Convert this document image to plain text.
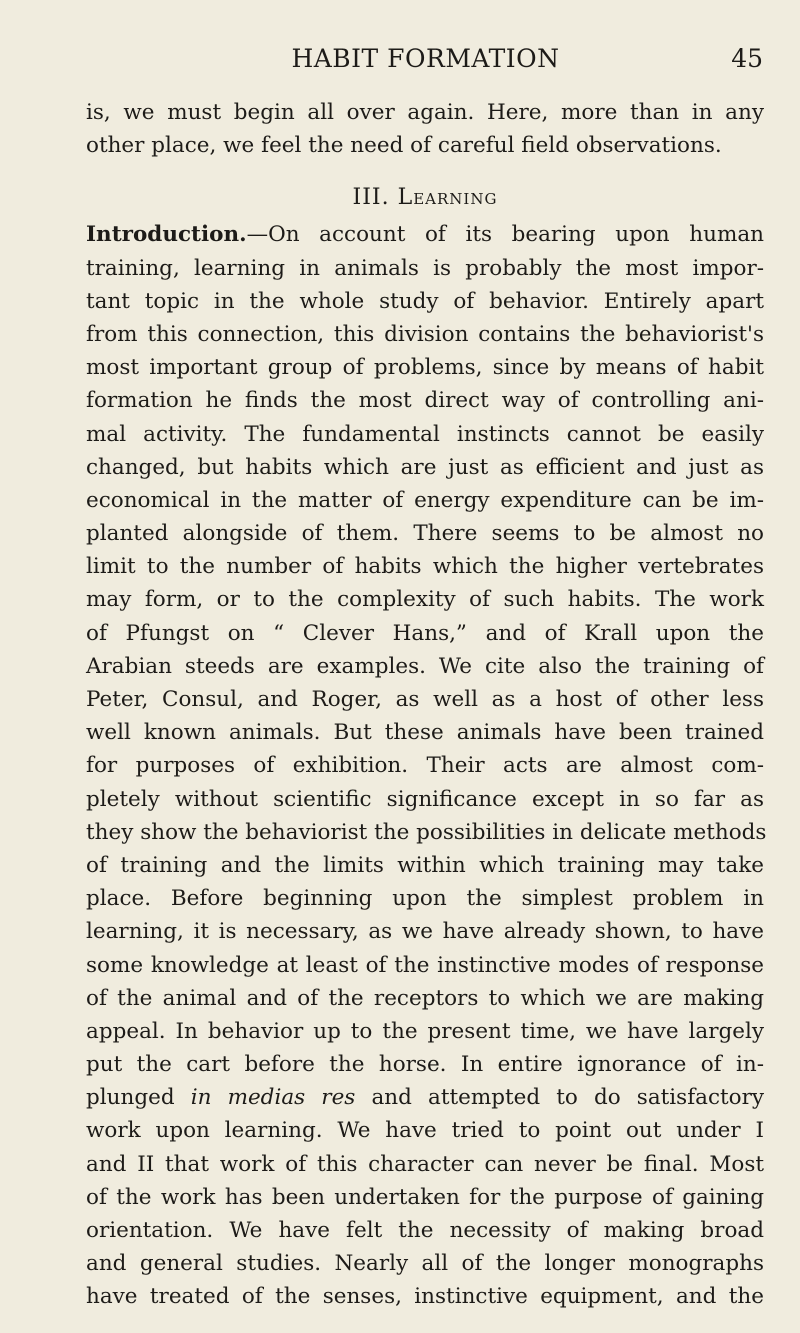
HABIT FORMATION	45
is, we must begin all over again. Here, more than in any
other place, we feel the need of careful field observations.
III. Learning
Introduction.—On account of its bearing upon human
training, learning in animals is probably the most impor-
tant topic in the whole study of behavior. Entirely apart
from this connection, this division contains the behaviorist's
most important group of problems, since by means of habit
formation he finds the most direct way of controlling ani-
mal activity. The fundamental instincts cannot be easily
changed, but habits which are just as efficient and just as
economical in the matter of energy expenditure can be im-
planted alongside of them. There seems to be almost no
limit to the number of habits which the higher vertebrates
may form, or to the complexity of such habits. The work
of Pfungst on “ Clever Hans,” and of Krall upon the
Arabian steeds are examples. We cite also the training of
Peter, Consul, and Roger, as well as a host of other less
well known animals. But these animals have been trained
for purposes of exhibition. Their acts are almost com-
pletely without scientific significance except in so far as
they show the behaviorist the possibilities in delicate methods
of training and the limits within which training may take
place. Before beginning upon the simplest problem in
learning, it is necessary, as we have already shown, to have
some knowledge at least of the instinctive modes of response
of the animal and of the receptors to which we are making
appeal. In behavior up to the present time, we have largely
put the cart before the horse. In entire ignorance of in-
plunged in medias res and attempted to do satisfactory
work upon learning. We have tried to point out under I
and II that work of this character can never be final. Most
of the work has been undertaken for the purpose of gaining
orientation. We have felt the necessity of making broad
and general studies. Nearly all of the longer monographs
have treated of the senses, instinctive equipment, and the
